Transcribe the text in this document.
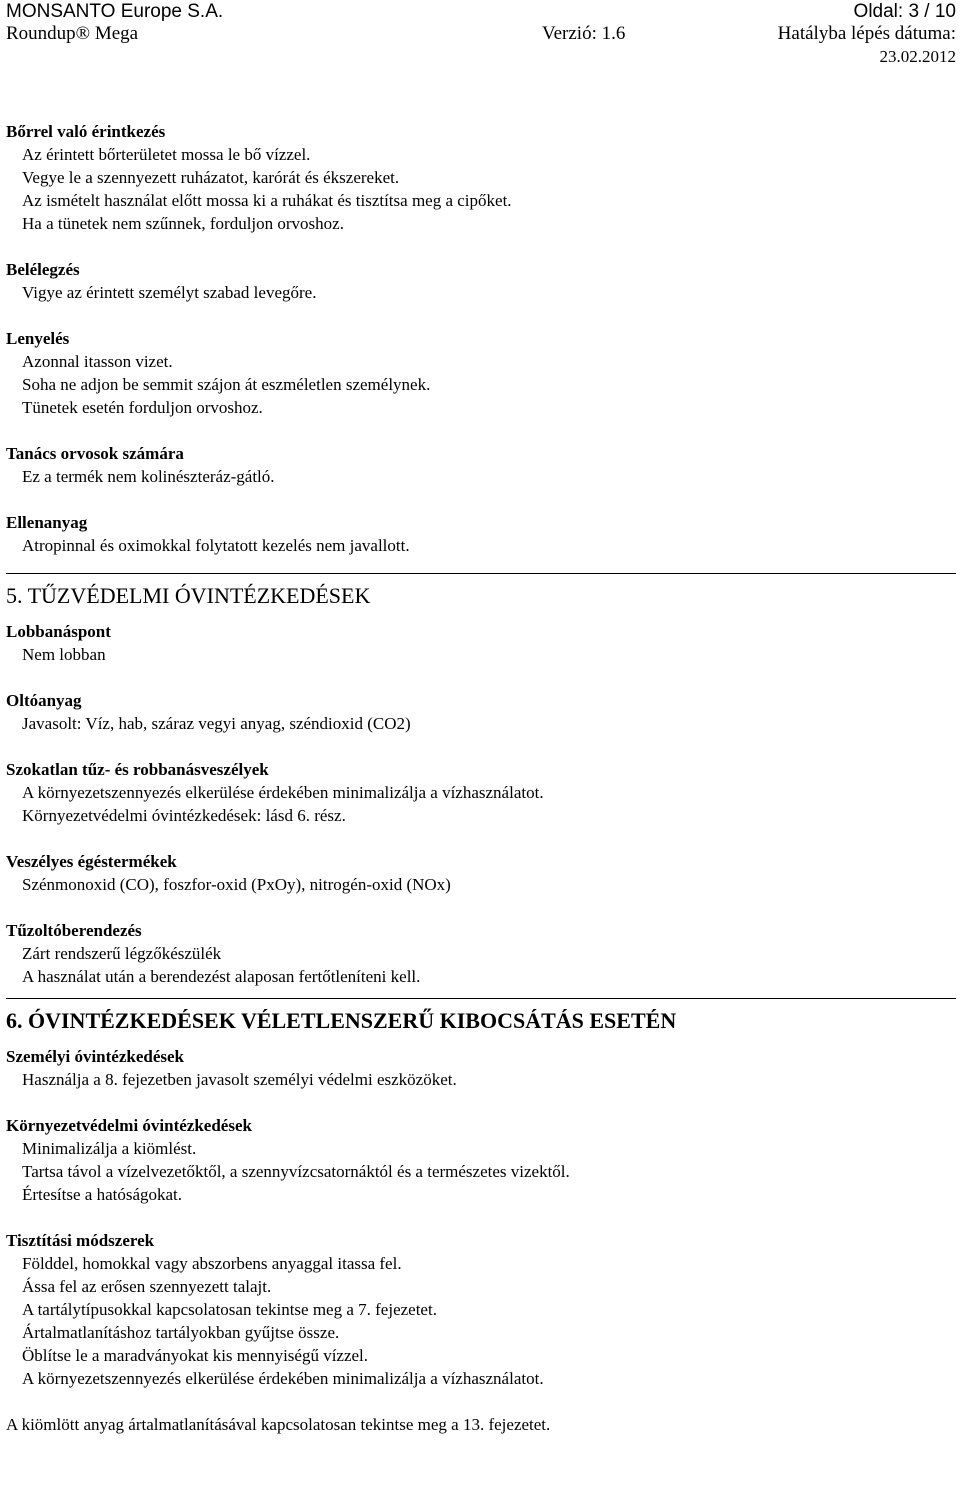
MONSANTO Europe S.A.	Oldal: 3 / 10
Roundup® Mega	Verzió: 1.6	Hatályba lépés dátuma:
23.02.2012

Bőrrel való érintkezés

Az érintett bőrterületet mossa le bő vízzel.

Vegye le a szennyezett ruházatot, karórát és ékszereket.

Az ismételt használat előtt mossa ki a ruhákat és tisztítsa meg a cipőket.

Ha a tünetek nem szűnnek, forduljon orvoshoz.

Belélegzés

Vigye az érintett személyt szabad levegőre.

Lenyelés

Azonnal itasson vizet.

Soha ne adjon be semmit szájon át eszméletlen személynek.

Tünetek esetén forduljon orvoshoz.

Tanács orvosok számára

Ez a termék nem kolinészteráz-gátló.

Ellenanyag

Atropinnal és oximokkal folytatott kezelés nem javallott.

5. TŰZVÉDELMI ÓVINTÉZKEDÉSEK

Lobbanáspont

Nem lobban

Oltóanyag

Javasolt: Víz, hab, száraz vegyi anyag, széndioxid (CO2)

Szokatlan tűz- és robbanásveszélyek

A környezetszennyezés elkerülése érdekében minimalizálja a vízhasználatot.

Környezetvédelmi óvintézkedések: lásd 6. rész.

Veszélyes égéstermékek

Szénmonoxid (CO), foszfor-oxid (PxOy), nitrogén-oxid (NOx)

Tűzoltóberendezés

Zárt rendszerű légzőkészülék

A használat után a berendezést alaposan fertőtleníteni kell.

6. ÓVINTÉZKEDÉSEK VÉLETLENSZERŰ KIBOCSÁTÁS ESETÉN

Személyi óvintézkedések

Használja a 8. fejezetben javasolt személyi védelmi eszközöket.

Környezetvédelmi óvintézkedések

Minimalizálja a kiömlést.

Tartsa távol a vízelvezetőktől, a szennyvízcsatornáktól és a természetes vizektől.

Értesítse a hatóságokat.

Tisztítási módszerek

Földdel, homokkal vagy abszorbens anyaggal itassa fel.

Ássa fel az erősen szennyezett talajt.

A tartálytípusokkal kapcsolatosan tekintse meg a 7. fejezetet.

Ártalmatlanításhoz tartályokban gyűjtse össze.

Öblítse le a maradványokat kis mennyiségű vízzel.

A környezetszennyezés elkerülése érdekében minimalizálja a vízhasználatot.

A kiömlött anyag ártalmatlanításával kapcsolatosan tekintse meg a 13. fejezetet.
